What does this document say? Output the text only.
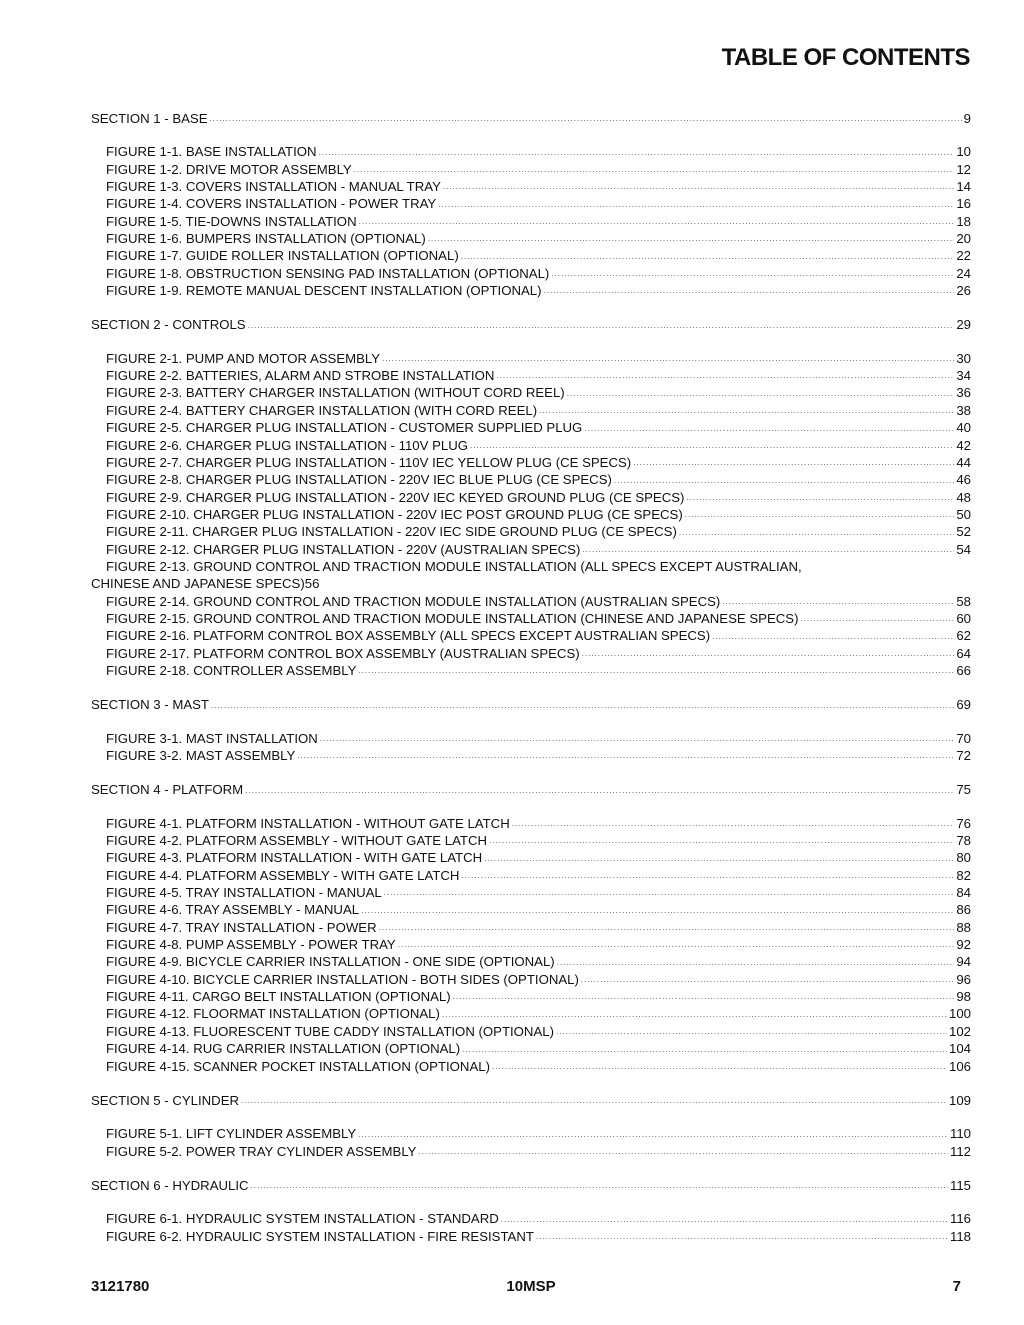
TABLE OF CONTENTS
SECTION 1 - BASE .....	9
FIGURE 1-1. BASE INSTALLATION .....	10
FIGURE 1-2. DRIVE MOTOR ASSEMBLY .....	12
FIGURE 1-3. COVERS INSTALLATION - MANUAL TRAY .....	14
FIGURE 1-4. COVERS INSTALLATION - POWER TRAY .....	16
FIGURE 1-5. TIE-DOWNS INSTALLATION .....	18
FIGURE 1-6. BUMPERS INSTALLATION (OPTIONAL) .....	20
FIGURE 1-7. GUIDE ROLLER INSTALLATION (OPTIONAL) .....	22
FIGURE 1-8. OBSTRUCTION SENSING PAD INSTALLATION (OPTIONAL) .....	24
FIGURE 1-9. REMOTE MANUAL DESCENT INSTALLATION (OPTIONAL) .....	26
SECTION 2 - CONTROLS .....	29
FIGURE 2-1. PUMP AND MOTOR ASSEMBLY .....	30
FIGURE 2-2. BATTERIES, ALARM AND STROBE INSTALLATION .....	34
FIGURE 2-3. BATTERY CHARGER INSTALLATION (WITHOUT CORD REEL) .....	36
FIGURE 2-4. BATTERY CHARGER INSTALLATION (WITH CORD REEL) .....	38
FIGURE 2-5. CHARGER PLUG INSTALLATION - CUSTOMER SUPPLIED PLUG .....	40
FIGURE 2-6. CHARGER PLUG INSTALLATION - 110V PLUG .....	42
FIGURE 2-7. CHARGER PLUG INSTALLATION - 110V IEC YELLOW PLUG (CE SPECS) .....	44
FIGURE 2-8. CHARGER PLUG INSTALLATION - 220V IEC BLUE PLUG (CE SPECS) .....	46
FIGURE 2-9. CHARGER PLUG INSTALLATION - 220V IEC KEYED GROUND PLUG (CE SPECS) .....	48
FIGURE 2-10. CHARGER PLUG INSTALLATION - 220V IEC POST GROUND PLUG (CE SPECS) .....	50
FIGURE 2-11. CHARGER PLUG INSTALLATION - 220V IEC SIDE GROUND PLUG (CE SPECS) .....	52
FIGURE 2-12. CHARGER PLUG INSTALLATION - 220V (AUSTRALIAN SPECS) .....	54
FIGURE 2-13. GROUND CONTROL AND TRACTION MODULE INSTALLATION (ALL SPECS EXCEPT AUSTRALIAN,
CHINESE AND JAPANESE SPECS) 56
FIGURE 2-14. GROUND CONTROL AND TRACTION MODULE INSTALLATION (AUSTRALIAN SPECS) .....	58
FIGURE 2-15. GROUND CONTROL AND TRACTION MODULE INSTALLATION (CHINESE AND JAPANESE SPECS) .....	60
FIGURE 2-16. PLATFORM CONTROL BOX ASSEMBLY (ALL SPECS EXCEPT AUSTRALIAN SPECS) .....	62
FIGURE 2-17. PLATFORM CONTROL BOX ASSEMBLY (AUSTRALIAN SPECS) .....	64
FIGURE 2-18. CONTROLLER ASSEMBLY .....	66
SECTION 3 - MAST .....	69
FIGURE 3-1. MAST INSTALLATION .....	70
FIGURE 3-2. MAST ASSEMBLY .....	72
SECTION 4 - PLATFORM .....	75
FIGURE 4-1. PLATFORM INSTALLATION - WITHOUT GATE LATCH .....	76
FIGURE 4-2. PLATFORM ASSEMBLY - WITHOUT GATE LATCH .....	78
FIGURE 4-3. PLATFORM INSTALLATION - WITH GATE LATCH .....	80
FIGURE 4-4. PLATFORM ASSEMBLY - WITH GATE LATCH .....	82
FIGURE 4-5. TRAY INSTALLATION - MANUAL .....	84
FIGURE 4-6. TRAY ASSEMBLY - MANUAL .....	86
FIGURE 4-7. TRAY INSTALLATION - POWER .....	88
FIGURE 4-8. PUMP ASSEMBLY - POWER TRAY .....	92
FIGURE 4-9. BICYCLE CARRIER INSTALLATION - ONE SIDE (OPTIONAL) .....	94
FIGURE 4-10. BICYCLE CARRIER INSTALLATION - BOTH SIDES (OPTIONAL) .....	96
FIGURE 4-11. CARGO BELT INSTALLATION (OPTIONAL) .....	98
FIGURE 4-12. FLOORMAT INSTALLATION (OPTIONAL) .....	100
FIGURE 4-13. FLUORESCENT TUBE CADDY INSTALLATION (OPTIONAL) .....	102
FIGURE 4-14. RUG CARRIER INSTALLATION (OPTIONAL) .....	104
FIGURE 4-15. SCANNER POCKET INSTALLATION (OPTIONAL) .....	106
SECTION 5 - CYLINDER .....	109
FIGURE 5-1. LIFT CYLINDER ASSEMBLY .....	110
FIGURE 5-2. POWER TRAY CYLINDER ASSEMBLY .....	112
SECTION 6 - HYDRAULIC .....	115
FIGURE 6-1. HYDRAULIC SYSTEM INSTALLATION - STANDARD .....	116
FIGURE 6-2. HYDRAULIC SYSTEM INSTALLATION - FIRE RESISTANT .....	118
3121780	10MSP	7
